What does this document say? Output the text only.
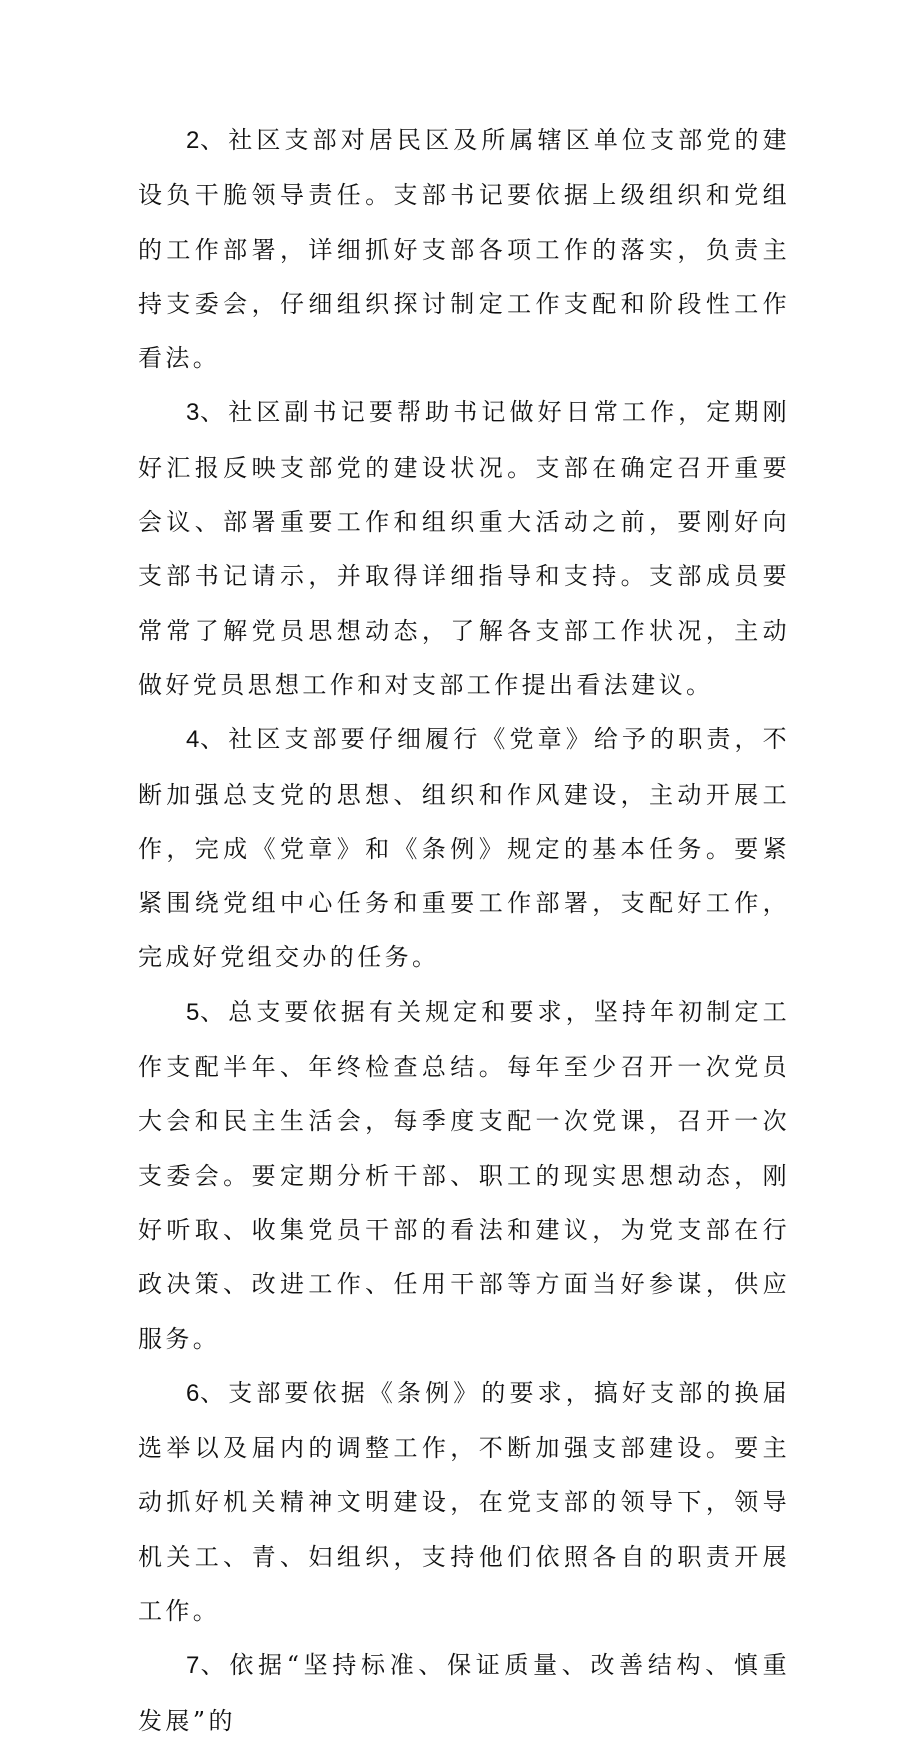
2、社区支部对居民区及所属辖区单位支部党的建设负干脆领导责任。支部书记要依据上级组织和党组的工作部署，详细抓好支部各项工作的落实，负责主持支委会，仔细组织探讨制定工作支配和阶段性工作看法。

3、社区副书记要帮助书记做好日常工作，定期刚好汇报反映支部党的建设状况。支部在确定召开重要会议、部署重要工作和组织重大活动之前，要刚好向支部书记请示，并取得详细指导和支持。支部成员要常常了解党员思想动态，了解各支部工作状况，主动做好党员思想工作和对支部工作提出看法建议。

4、社区支部要仔细履行《党章》给予的职责，不断加强总支党的思想、组织和作风建设，主动开展工作，完成《党章》和《条例》规定的基本任务。要紧紧围绕党组中心任务和重要工作部署，支配好工作，完成好党组交办的任务。

5、总支要依据有关规定和要求，坚持年初制定工作支配半年、年终检查总结。每年至少召开一次党员大会和民主生活会，每季度支配一次党课，召开一次支委会。要定期分析干部、职工的现实思想动态，刚好听取、收集党员干部的看法和建议，为党支部在行政决策、改进工作、任用干部等方面当好参谋，供应服务。

6、支部要依据《条例》的要求，搞好支部的换届选举以及届内的调整工作，不断加强支部建设。要主动抓好机关精神文明建设，在党支部的领导下，领导机关工、青、妇组织，支持他们依照各自的职责开展工作。

7、依据“坚持标准、保证质量、改善结构、慎重发展”的
